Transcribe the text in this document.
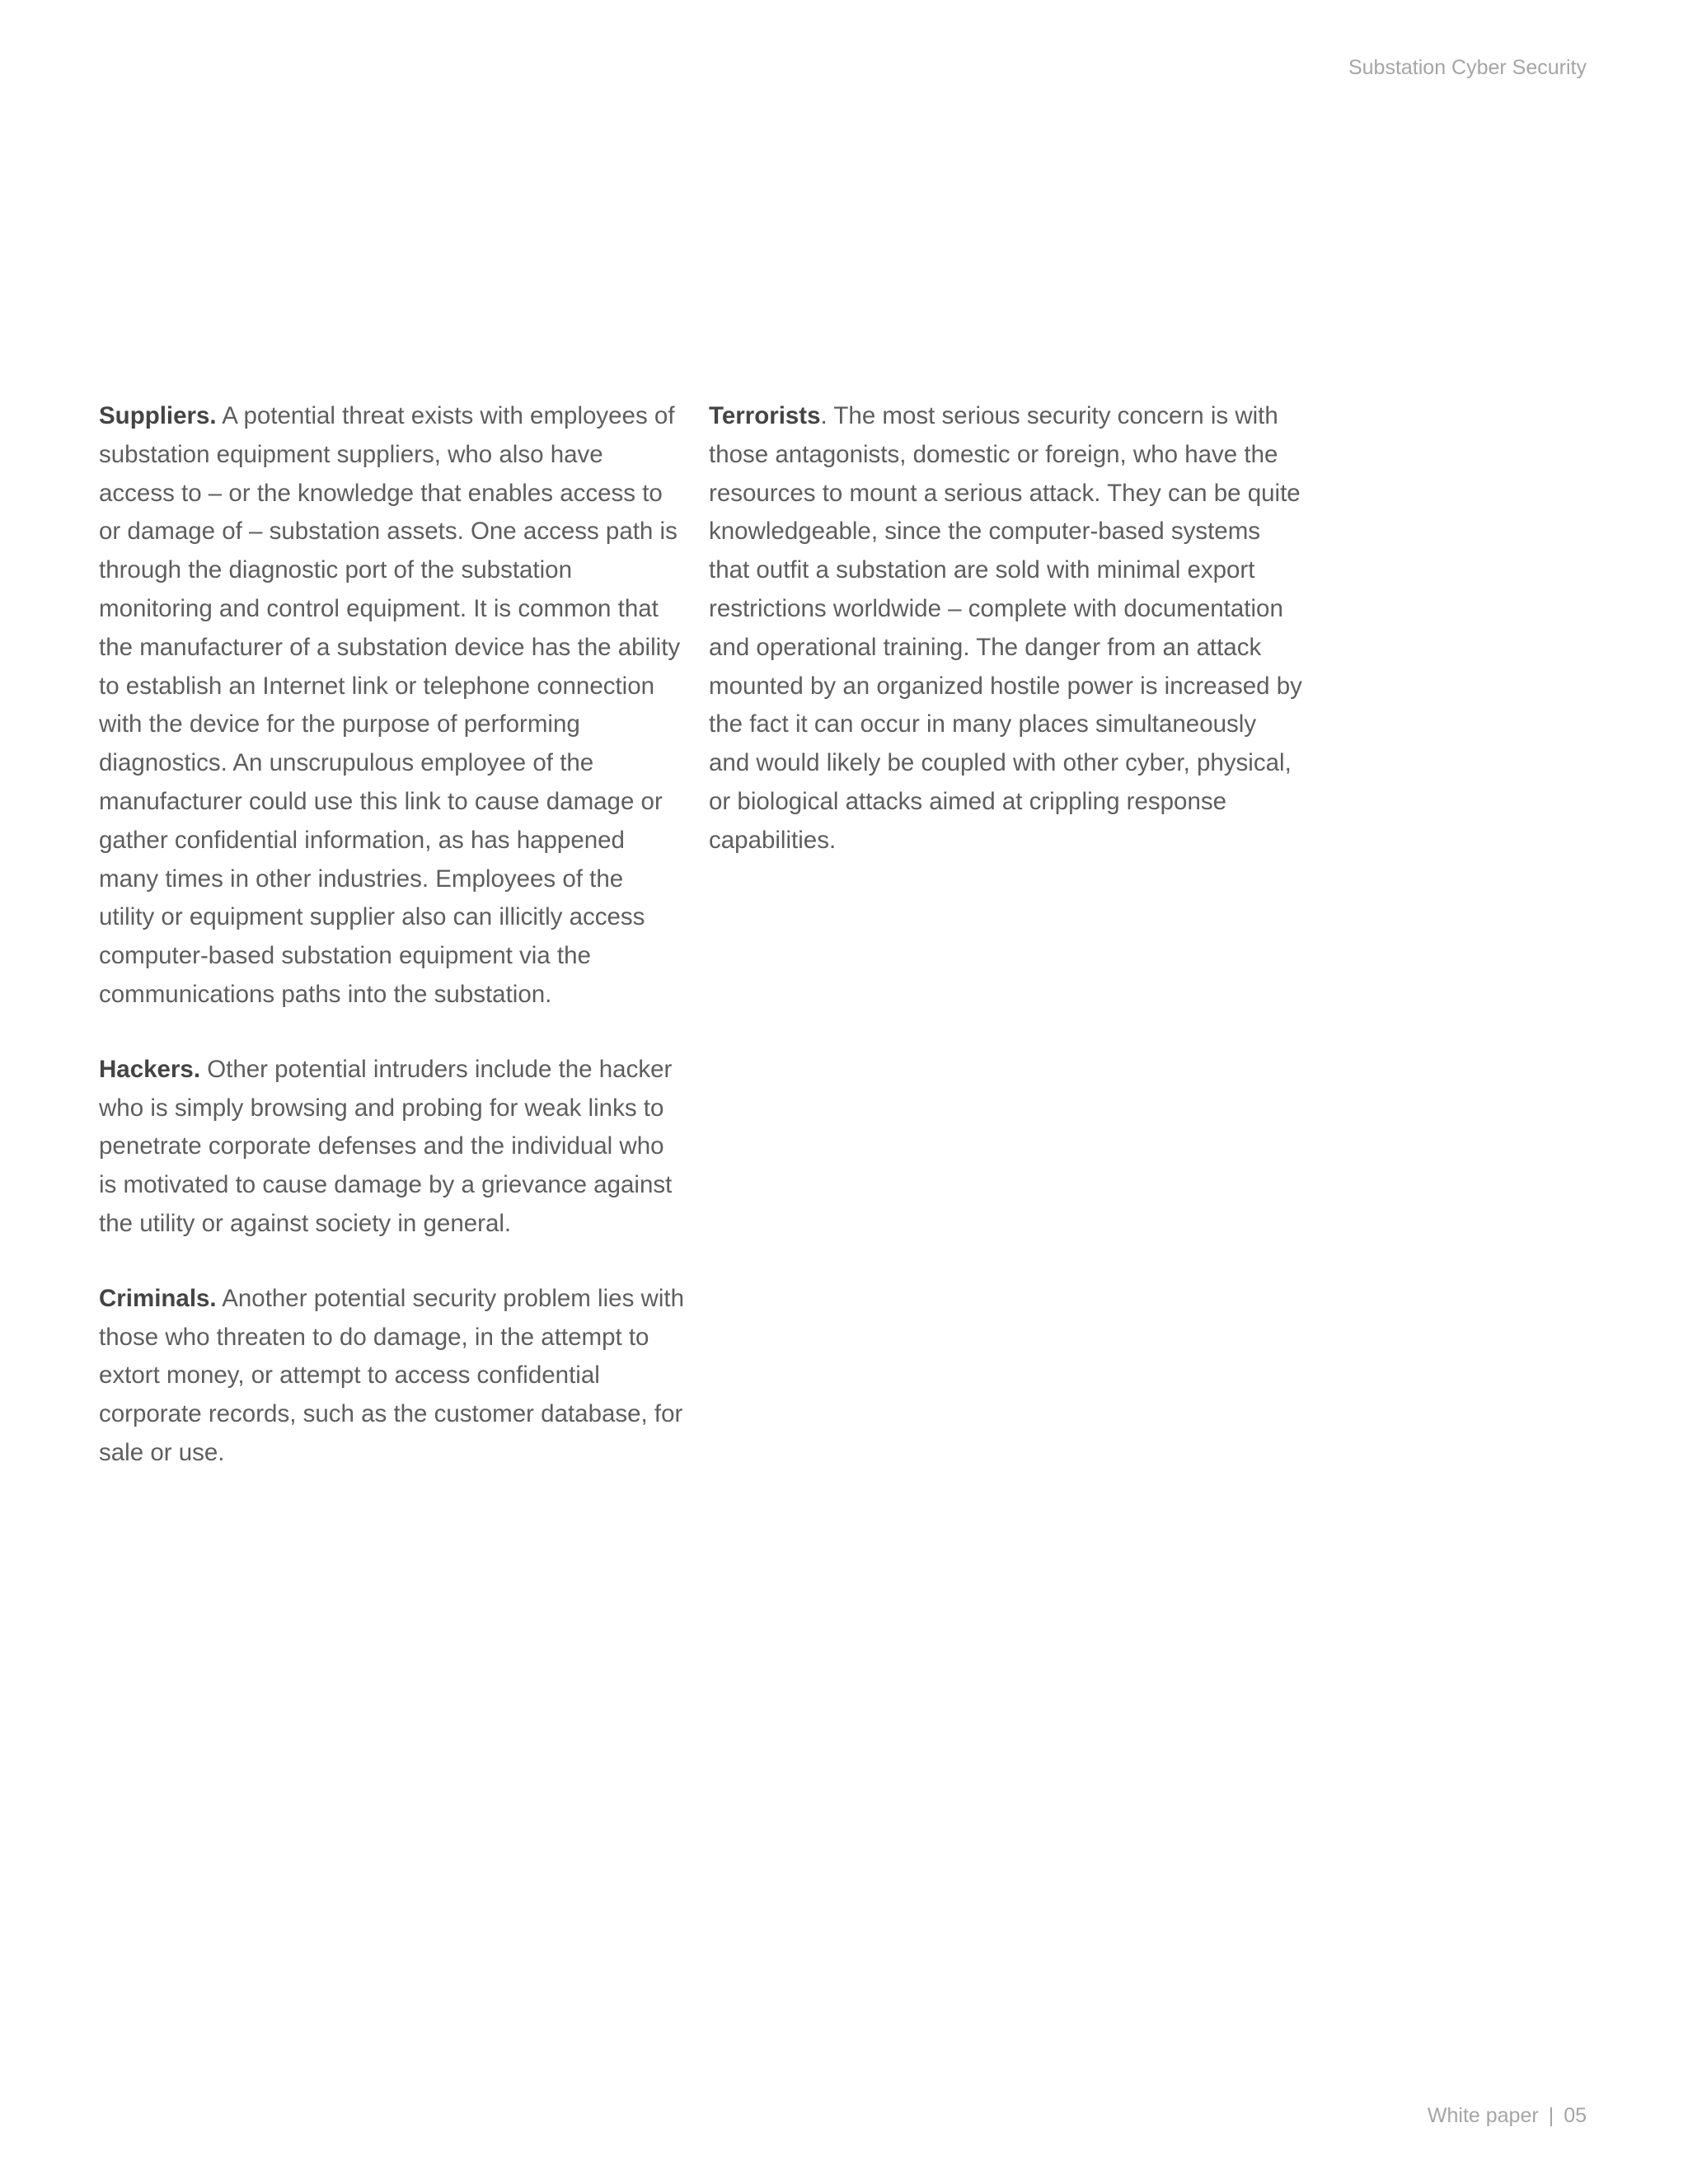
Substation Cyber Security

Suppliers. A potential threat exists with employees of substation equipment suppliers, who also have access to – or the knowledge that enables access to or damage of – substation assets. One access path is through the diagnostic port of the substation monitoring and control equipment. It is common that the manufacturer of a substation device has the ability to establish an Internet link or telephone connection with the device for the purpose of performing diagnostics. An unscrupulous employee of the manufacturer could use this link to cause damage or gather confidential information, as has happened many times in other industries. Employees of the utility or equipment supplier also can illicitly access computer-based substation equipment via the communications paths into the substation.

Hackers. Other potential intruders include the hacker who is simply browsing and probing for weak links to penetrate corporate defenses and the individual who is motivated to cause damage by a grievance against the utility or against society in general.

Criminals. Another potential security problem lies with those who threaten to do damage, in the attempt to extort money, or attempt to access confidential corporate records, such as the customer database, for sale or use.

Terrorists. The most serious security concern is with those antagonists, domestic or foreign, who have the resources to mount a serious attack. They can be quite knowledgeable, since the computer-based systems that outfit a substation are sold with minimal export restrictions worldwide – complete with documentation and operational training. The danger from an attack mounted by an organized hostile power is increased by the fact it can occur in many places simultaneously and would likely be coupled with other cyber, physical, or biological attacks aimed at crippling response capabilities.

White paper | 05
